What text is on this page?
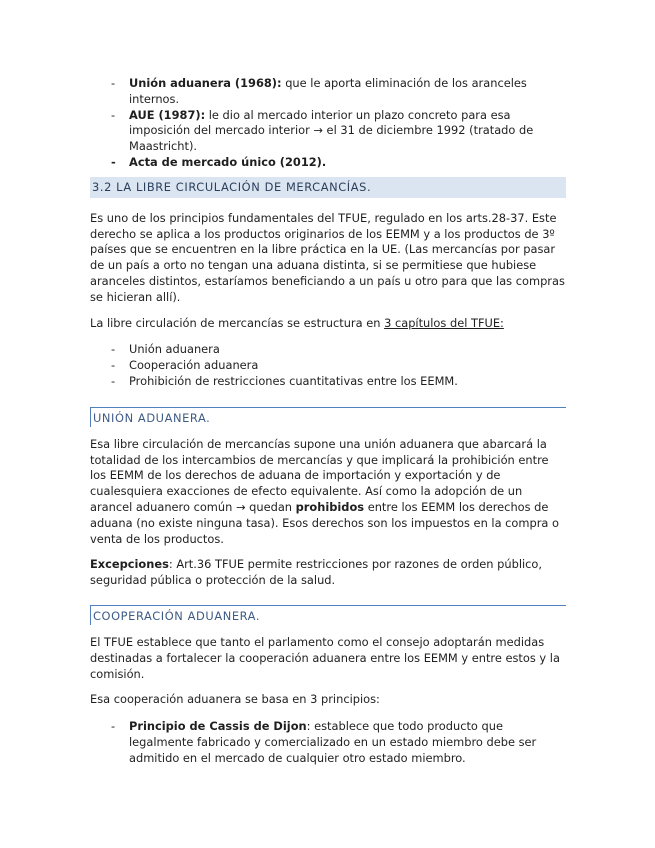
- Unión aduanera (1968): que le aporta eliminación de los aranceles internos.
- AUE (1987): le dio al mercado interior un plazo concreto para esa imposición del mercado interior → el 31 de diciembre 1992 (tratado de Maastricht).
- Acta de mercado único (2012).
3.2 LA LIBRE CIRCULACIÓN DE MERCANCÍAS.

Es uno de los principios fundamentales del TFUE, regulado en los arts.28-37. Este derecho se aplica a los productos originarios de los EEMM y a los productos de 3º países que se encuentren en la libre práctica en la UE. (Las mercancías por pasar de un país a orto no tengan una aduana distinta, si se permitiese que hubiese aranceles distintos, estaríamos beneficiando a un país u otro para que las compras se hicieran allí).

La libre circulación de mercancías se estructura en 3 capítulos del TFUE:

- Unión aduanera
- Cooperación aduanera
- Prohibición de restricciones cuantitativas entre los EEMM.
UNIÓN ADUANERA.

Esa libre circulación de mercancías supone una unión aduanera que abarcará la totalidad de los intercambios de mercancías y que implicará la prohibición entre los EEMM de los derechos de aduana de importación y exportación y de cualesquiera exacciones de efecto equivalente. Así como la adopción de un arancel aduanero común → quedan prohibidos entre los EEMM los derechos de aduana (no existe ninguna tasa). Esos derechos son los impuestos en la compra o venta de los productos.

Excepciones: Art.36 TFUE permite restricciones por razones de orden público, seguridad pública o protección de la salud.

COOPERACIÓN ADUANERA.

El TFUE establece que tanto el parlamento como el consejo adoptarán medidas destinadas a fortalecer la cooperación aduanera entre los EEMM y entre estos y la comisión.

Esa cooperación aduanera se basa en 3 principios:

- Principio de Cassis de Dijon: establece que todo producto que legalmente fabricado y comercializado en un estado miembro debe ser admitido en el mercado de cualquier otro estado miembro.
